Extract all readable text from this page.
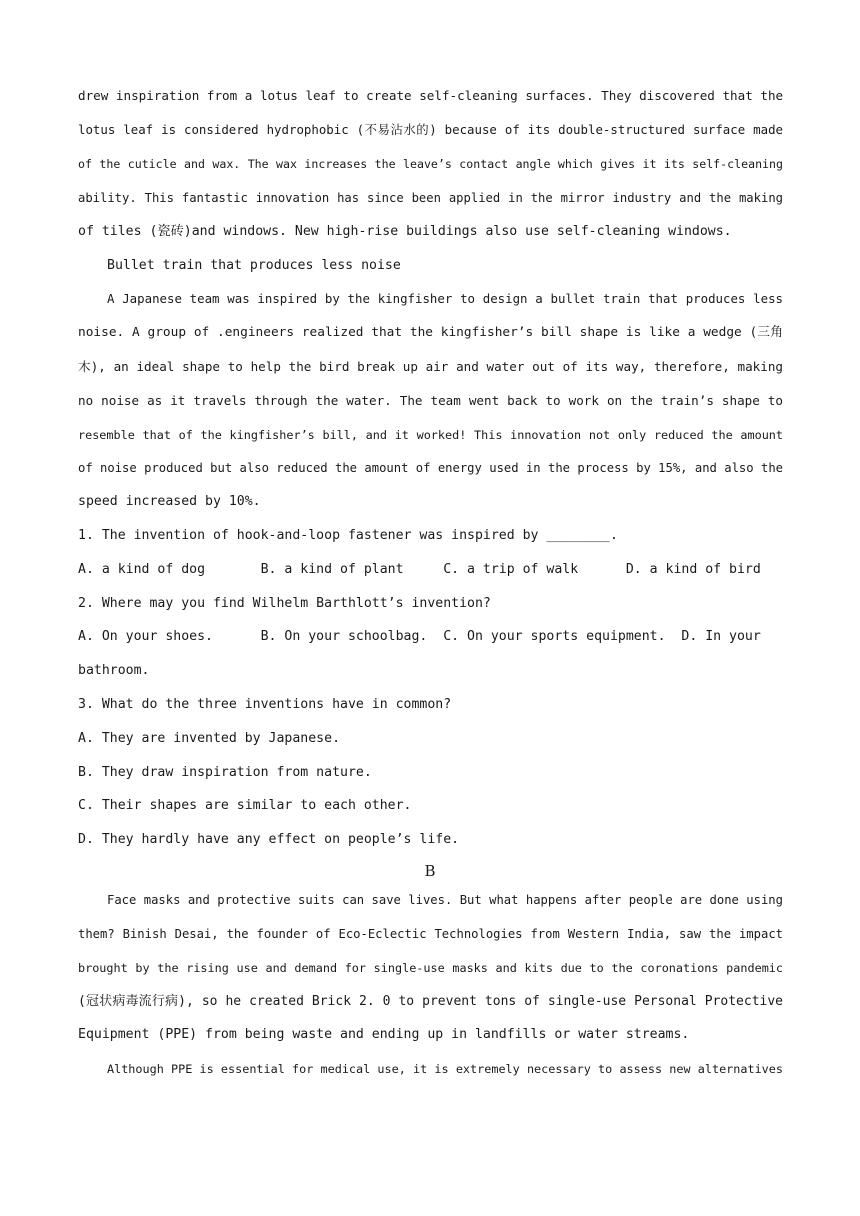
drew inspiration from a lotus leaf to create self-cleaning surfaces. They discovered that the
lotus leaf is considered hydrophobic (不易沾水的) because of its double-structured surface made
of the cuticle and wax. The wax increases the leave’s contact angle which gives it its self-cleaning
ability. This fantastic innovation has since been applied in the mirror industry and the making
of tiles (瓷砖)and windows. New high-rise buildings also use self-cleaning windows.
Bullet train that produces less noise
A Japanese team was inspired by the kingfisher to design a bullet train that produces less
noise. A group of .engineers realized that the kingfisher’s bill shape is like a wedge (三角
木), an ideal shape to help the bird break up air and water out of its way, therefore, making
no noise as it travels through the water. The team went back to work on the train’s shape to
resemble that of the kingfisher’s bill, and it worked! This innovation not only reduced the amount
of noise produced but also reduced the amount of energy used in the process by 15%, and also the
speed increased by 10%.
1. The invention of hook-and-loop fastener was inspired by ________.
A. a kind of dog       B. a kind of plant     C. a trip of walk      D. a kind of bird
2. Where may you find Wilhelm Barthlott’s invention?
A. On your shoes.      B. On your schoolbag.  C. On your sports equipment.  D. In your
bathroom.
3. What do the three inventions have in common?
A. They are invented by Japanese.
B. They draw inspiration from nature.
C. Their shapes are similar to each other.
D. They hardly have any effect on people’s life.
B
Face masks and protective suits can save lives. But what happens after people are done using
them? Binish Desai, the founder of Eco-Eclectic Technologies from Western India, saw the impact
brought by the rising use and demand for single-use masks and kits due to the coronations pandemic
(冠状病毒流行病), so he created Brick 2. 0 to prevent tons of single-use Personal Protective
Equipment (PPE) from being waste and ending up in landfills or water streams.
Although PPE is essential for medical use, it is extremely necessary to assess new alternatives
